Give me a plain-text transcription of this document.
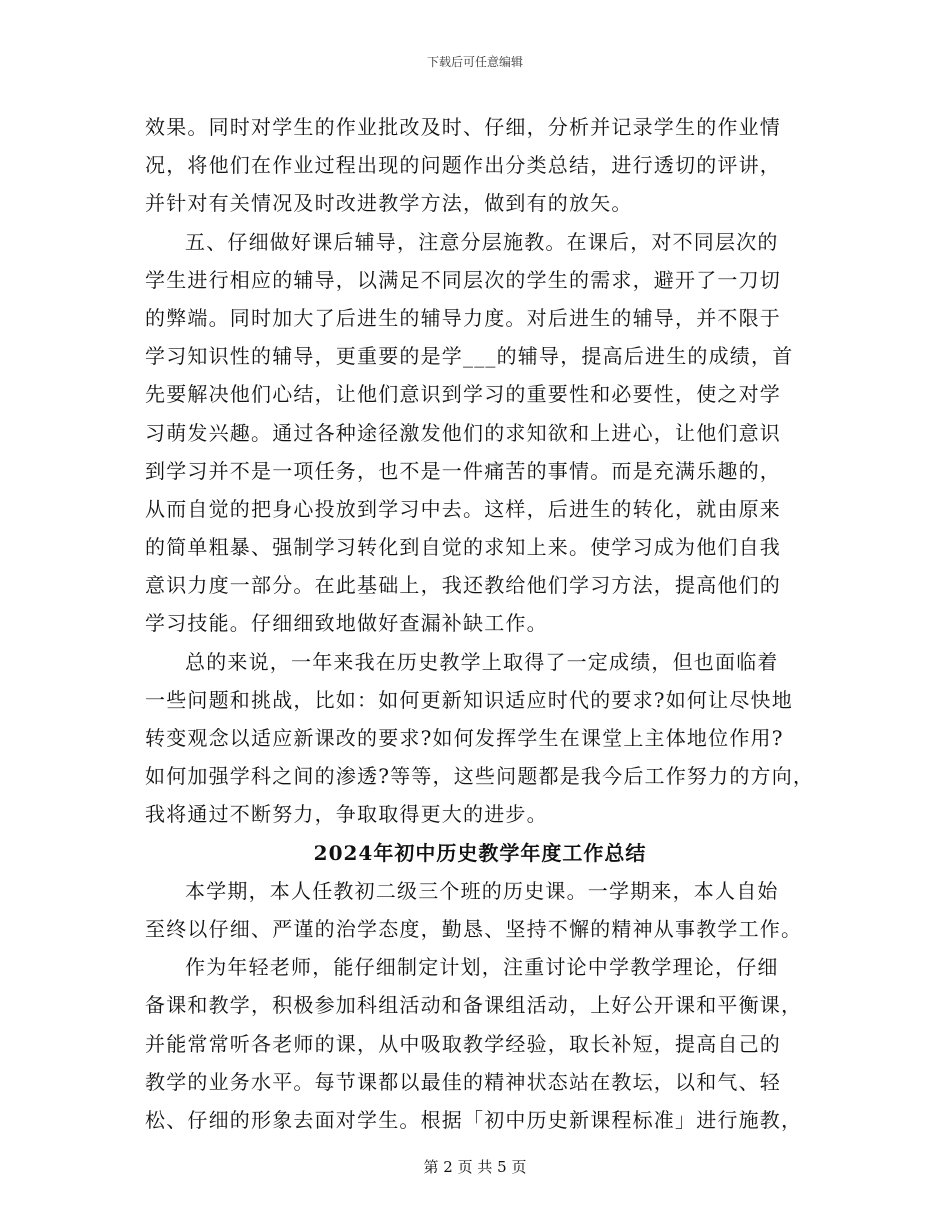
下载后可任意编辑
效果。同时对学生的作业批改及时、仔细，分析并记录学生的作业情
况，将他们在作业过程出现的问题作出分类总结，进行透切的评讲，
并针对有关情况及时改进教学方法，做到有的放矢。
五、仔细做好课后辅导，注意分层施教。在课后，对不同层次的
学生进行相应的辅导，以满足不同层次的学生的需求，避开了一刀切
的弊端。同时加大了后进生的辅导力度。对后进生的辅导，并不限于
学习知识性的辅导，更重要的是学___的辅导，提高后进生的成绩，首
先要解决他们心结，让他们意识到学习的重要性和必要性，使之对学
习萌发兴趣。通过各种途径激发他们的求知欲和上进心，让他们意识
到学习并不是一项任务，也不是一件痛苦的事情。而是充满乐趣的，
从而自觉的把身心投放到学习中去。这样，后进生的转化，就由原来
的简单粗暴、强制学习转化到自觉的求知上来。使学习成为他们自我
意识力度一部分。在此基础上，我还教给他们学习方法，提高他们的
学习技能。仔细细致地做好查漏补缺工作。
总的来说，一年来我在历史教学上取得了一定成绩，但也面临着
一些问题和挑战，比如：如何更新知识适应时代的要求?如何让尽快地
转变观念以适应新课改的要求?如何发挥学生在课堂上主体地位作用?
如何加强学科之间的渗透?等等，这些问题都是我今后工作努力的方向，
我将通过不断努力，争取取得更大的进步。
2024年初中历史教学年度工作总结
本学期，本人任教初二级三个班的历史课。一学期来，本人自始
至终以仔细、严谨的治学态度，勤恳、坚持不懈的精神从事教学工作。
作为年轻老师，能仔细制定计划，注重讨论中学教学理论，仔细
备课和教学，积极参加科组活动和备课组活动，上好公开课和平衡课，
并能常常听各老师的课，从中吸取教学经验，取长补短，提高自己的
教学的业务水平。每节课都以最佳的精神状态站在教坛，以和气、轻
松、仔细的形象去面对学生。根据「初中历史新课程标准」进行施教，
第 2 页 共 5 页
